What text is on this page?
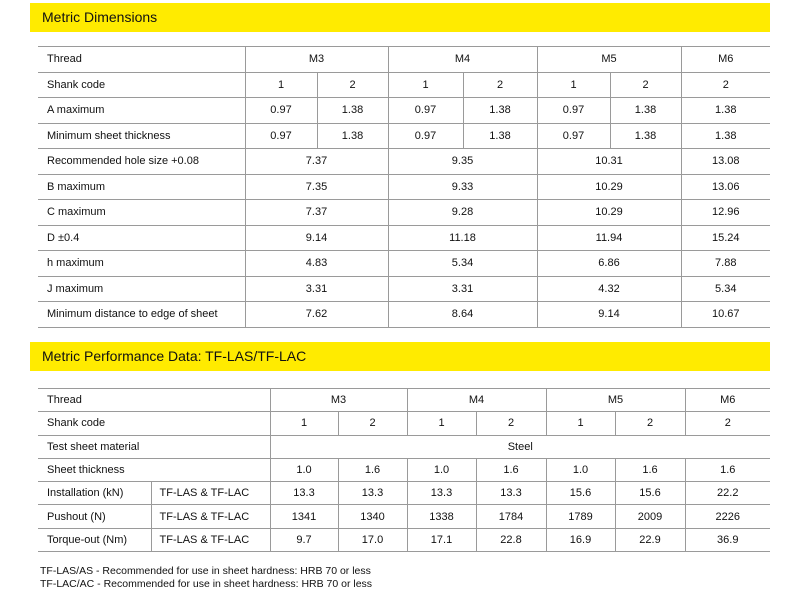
Metric Dimensions
Thread	M3		M4		M5		M6
Shank code	1	2	1	2	1	2	2
A maximum	0.97	1.38	0.97	1.38	0.97	1.38	1.38
Minimum sheet thickness	0.97	1.38	0.97	1.38	0.97	1.38	1.38
Recommended hole size +0.08	7.37		9.35		10.31		13.08
B maximum	7.35		9.33		10.29		13.06
C maximum	7.37		9.28		10.29		12.96
D ±0.4	9.14		11.18		11.94		15.24
h maximum	4.83		5.34		6.86		7.88
J maximum	3.31		3.31		4.32		5.34
Minimum distance to edge of sheet	7.62		8.64		9.14		10.67
Metric Performance Data: TF-LAS/TF-LAC
Thread		M3		M4		M5		M6
Shank code		1	2	1	2	1	2	2
Test sheet material		Steel						
Sheet thickness		1.0	1.6	1.0	1.6	1.0	1.6	1.6
Installation (kN)	TF-LAS & TF-LAC	13.3	13.3	13.3	13.3	15.6	15.6	22.2
Pushout (N)	TF-LAS & TF-LAC	1341	1340	1338	1784	1789	2009	2226
Torque-out (Nm)	TF-LAS & TF-LAC	9.7	17.0	17.1	22.8	16.9	22.9	36.9
TF-LAS/AS - Recommended for use in sheet hardness: HRB 70 or less
TF-LAC/AC - Recommended for use in sheet hardness: HRB 70 or less
